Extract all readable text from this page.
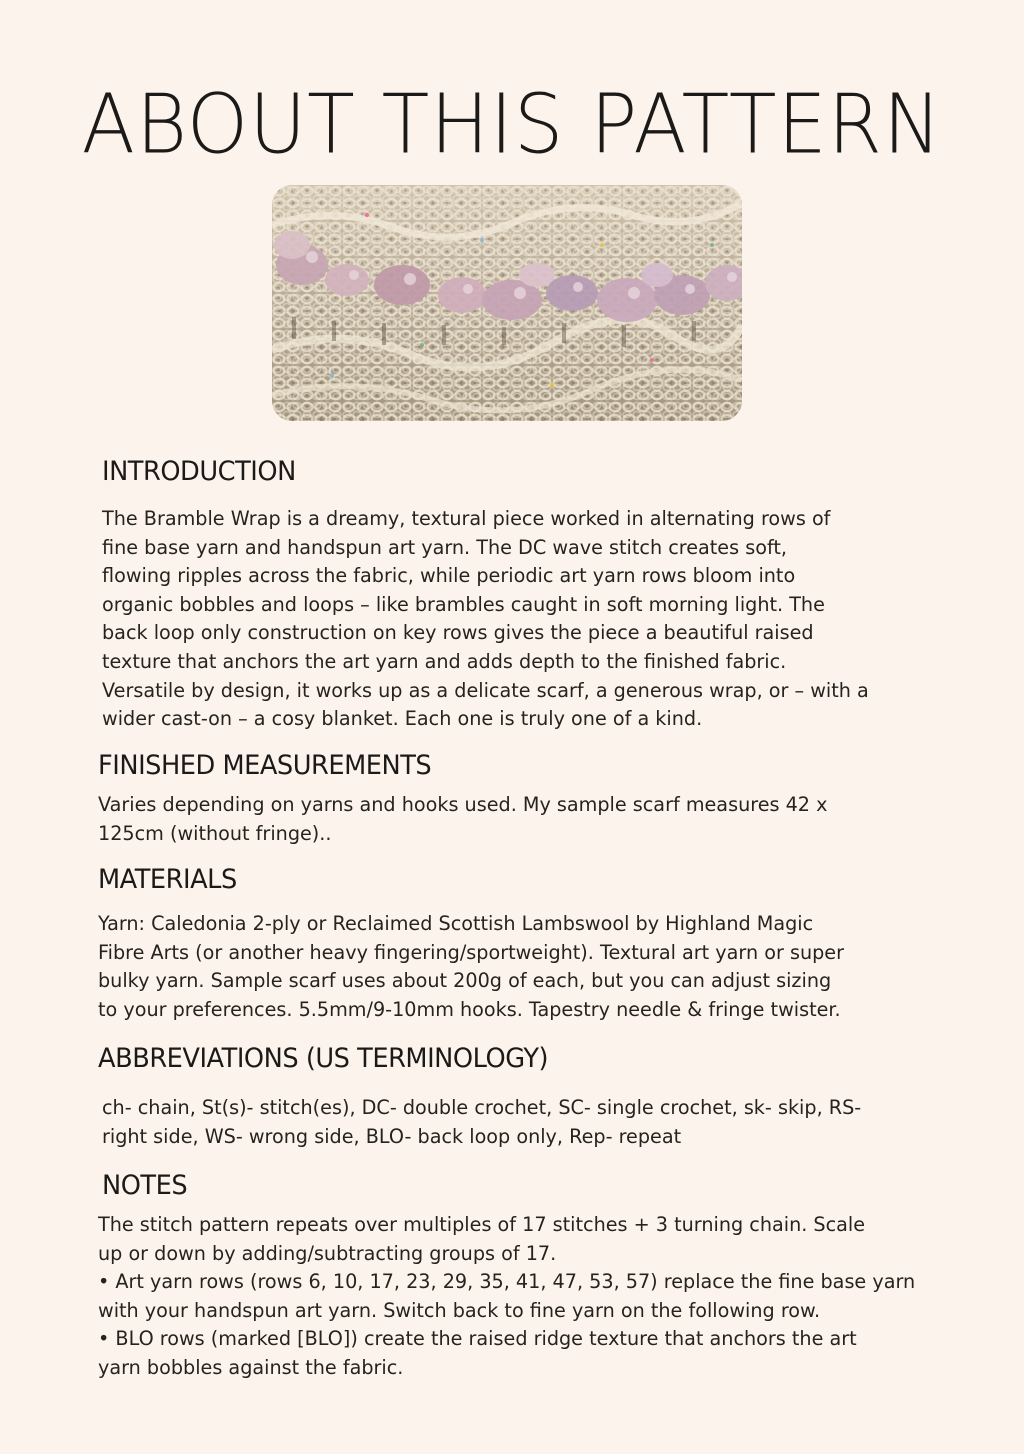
ABOUT THIS PATTERN
INTRODUCTION

The Bramble Wrap is a dreamy, textural piece worked in alternating rows of
fine base yarn and handspun art yarn. The DC wave stitch creates soft,
flowing ripples across the fabric, while periodic art yarn rows bloom into
organic bobbles and loops – like brambles caught in soft morning light. The
back loop only construction on key rows gives the piece a beautiful raised
texture that anchors the art yarn and adds depth to the finished fabric.
Versatile by design, it works up as a delicate scarf, a generous wrap, or – with a
wider cast-on – a cosy blanket. Each one is truly one of a kind.

FINISHED MEASUREMENTS

Varies depending on yarns and hooks used. My sample scarf measures 42 x
125cm (without fringe)..

MATERIALS

Yarn: Caledonia 2-ply or Reclaimed Scottish Lambswool by Highland Magic
Fibre Arts (or another heavy fingering/sportweight). Textural art yarn or super
bulky yarn. Sample scarf uses about 200g of each, but you can adjust sizing
to your preferences. 5.5mm/9-10mm hooks. Tapestry needle & fringe twister.

ABBREVIATIONS (US TERMINOLOGY)

ch- chain, St(s)- stitch(es), DC- double crochet, SC- single crochet, sk- skip, RS-
right side, WS- wrong side, BLO- back loop only, Rep- repeat

NOTES

The stitch pattern repeats over multiples of 17 stitches + 3 turning chain. Scale
up or down by adding/subtracting groups of 17.
• Art yarn rows (rows 6, 10, 17, 23, 29, 35, 41, 47, 53, 57) replace the fine base yarn
with your handspun art yarn. Switch back to fine yarn on the following row.
• BLO rows (marked [BLO]) create the raised ridge texture that anchors the art
yarn bobbles against the fabric.
